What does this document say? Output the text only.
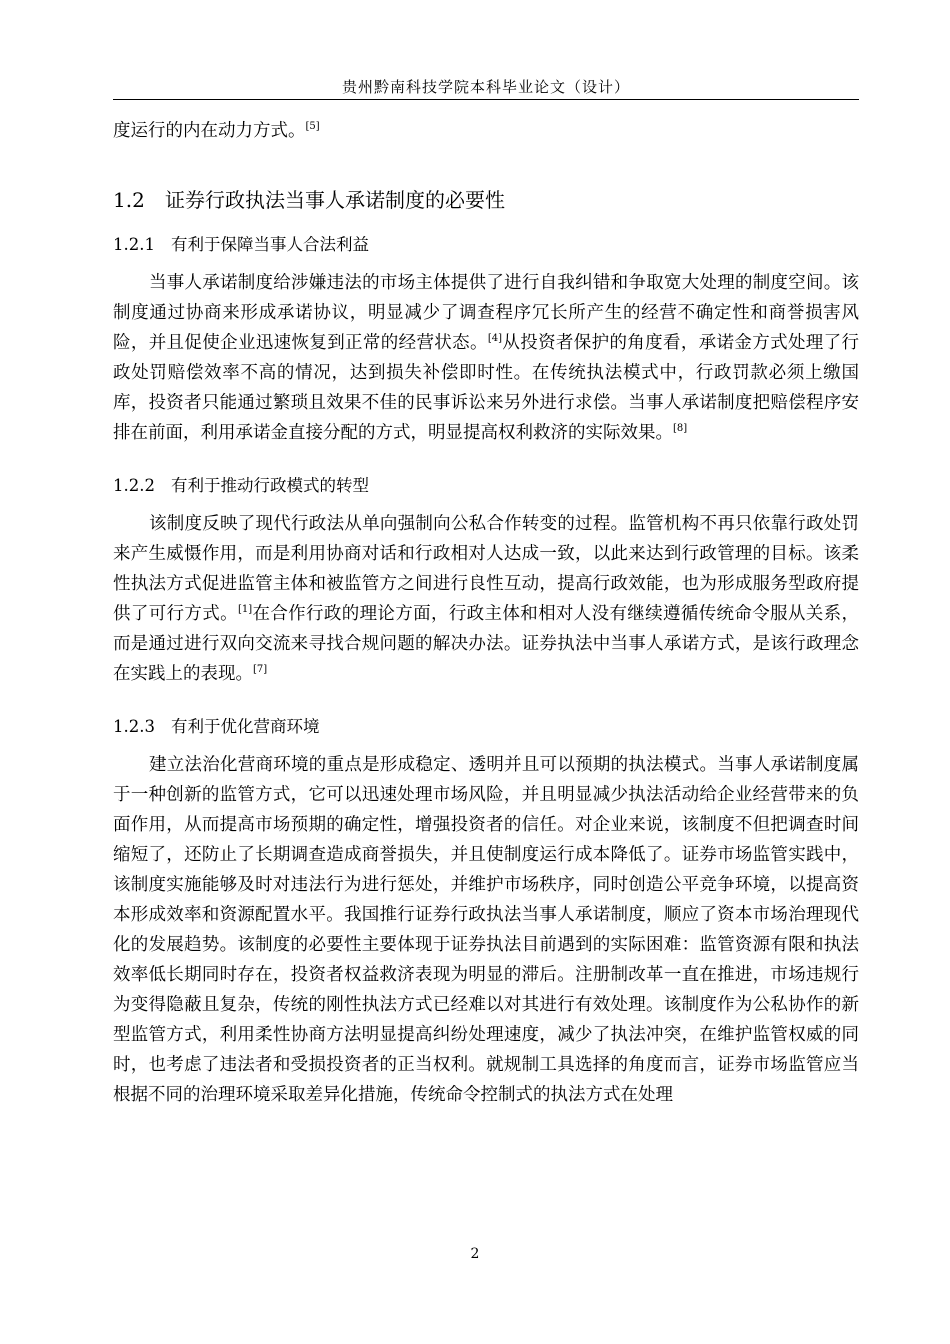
贵州黔南科技学院本科毕业论文（设计）

度运行的内在动力方式。[5]

1.2	证券行政执法当事人承诺制度的必要性
1.2.1 有利于保障当事人合法利益

当事人承诺制度给涉嫌违法的市场主体提供了进行自我纠错和争取宽大处理的制度空间。该制度通过协商来形成承诺协议，明显减少了调查程序冗长所产生的经营不确定性和商誉损害风险，并且促使企业迅速恢复到正常的经营状态。[4]从投资者保护的角度看，承诺金方式处理了行政处罚赔偿效率不高的情况，达到损失补偿即时性。在传统执法模式中，行政罚款必须上缴国库，投资者只能通过繁琐且效果不佳的民事诉讼来另外进行求偿。当事人承诺制度把赔偿程序安排在前面，利用承诺金直接分配的方式，明显提高权利救济的实际效果。[8]

1.2.2 有利于推动行政模式的转型

该制度反映了现代行政法从单向强制向公私合作转变的过程。监管机构不再只依靠行政处罚来产生威慑作用，而是利用协商对话和行政相对人达成一致，以此来达到行政管理的目标。该柔性执法方式促进监管主体和被监管方之间进行良性互动，提高行政效能，也为形成服务型政府提供了可行方式。[1]在合作行政的理论方面，行政主体和相对人没有继续遵循传统命令服从关系，而是通过进行双向交流来寻找合规问题的解决办法。证券执法中当事人承诺方式，是该行政理念在实践上的表现。[7]

1.2.3 有利于优化营商环境

建立法治化营商环境的重点是形成稳定、透明并且可以预期的执法模式。当事人承诺制度属于一种创新的监管方式，它可以迅速处理市场风险，并且明显减少执法活动给企业经营带来的负面作用，从而提高市场预期的确定性，增强投资者的信任。对企业来说，该制度不但把调查时间缩短了，还防止了长期调查造成商誉损失，并且使制度运行成本降低了。证券市场监管实践中，该制度实施能够及时对违法行为进行惩处，并维护市场秩序，同时创造公平竞争环境，以提高资本形成效率和资源配置水平。我国推行证券行政执法当事人承诺制度，顺应了资本市场治理现代化的发展趋势。该制度的必要性主要体现于证券执法目前遇到的实际困难：监管资源有限和执法效率低长期同时存在，投资者权益救济表现为明显的滞后。注册制改革一直在推进，市场违规行为变得隐蔽且复杂，传统的刚性执法方式已经难以对其进行有效处理。该制度作为公私协作的新型监管方式，利用柔性协商方法明显提高纠纷处理速度，减少了执法冲突，在维护监管权威的同时，也考虑了违法者和受损投资者的正当权利。就规制工具选择的角度而言，证券市场监管应当根据不同的治理环境采取差异化措施，传统命令控制式的执法方式在处理

2
